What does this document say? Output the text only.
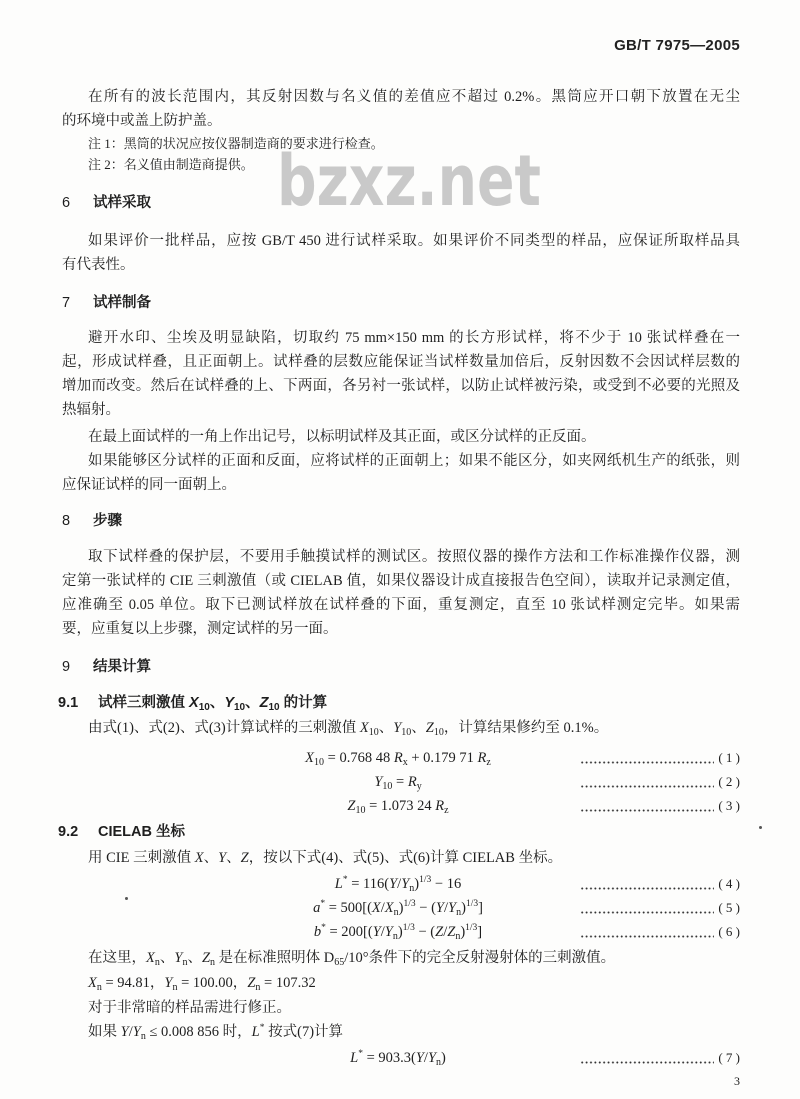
GB/T 7975—2005
在所有的波长范围内，其反射因数与名义值的差值应不超过 0.2%。黑筒应开口朝下放置在无尘
的环境中或盖上防护盖。
注 1：黑筒的状况应按仪器制造商的要求进行检查。
注 2：名义值由制造商提供。 bzxz.net
6 试样采取
如果评价一批样品，应按 GB/T 450 进行试样采取。如果评价不同类型的样品，应保证所取样品具
有代表性。
7 试样制备
避开水印、尘埃及明显缺陷，切取约 75 mm×150 mm 的长方形试样，将不少于 10 张试样叠在一
起，形成试样叠，且正面朝上。试样叠的层数应能保证当试样数量加倍后，反射因数不会因试样层数的
增加而改变。然后在试样叠的上、下两面，各另衬一张试样，以防止试样被污染，或受到不必要的光照及
热辐射。
在最上面试样的一角上作出记号，以标明试样及其正面，或区分试样的正反面。
如果能够区分试样的正面和反面，应将试样的正面朝上；如果不能区分，如夹网纸机生产的纸张，则
应保证试样的同一面朝上。
8 步骤
取下试样叠的保护层，不要用手触摸试样的测试区。按照仪器的操作方法和工作标准操作仪器，测
定第一张试样的 CIE 三刺激值（或 CIELAB 值，如果仪器设计成直接报告色空间），读取并记录测定值，
应准确至 0.05 单位。取下已测试样放在试样叠的下面，重复测定，直至 10 张试样测定完毕。如果需
要，应重复以上步骤，测定试样的另一面。
9 结果计算
9.1 试样三刺激值 $X_{10}$、$Y_{10}$、$Z_{10}$ 的计算
由式(1)、式(2)、式(3)计算试样的三刺激值 $X_{10}$、$Y_{10}$、$Z_{10}$，计算结果修约至 0.1%。
$X_{10} = 0.768$ 48 $R_x + 0.179$ 71 $R_z$	( 1 )
$Y_{10} = R_y$	( 2 )
$Z_{10} = 1.073$ 24 $R_z$	( 3 )
9.2 CIELAB 坐标
用 CIE 三刺激值 X、Y、Z，按以下式(4)、式(5)、式(6)计算 CIELAB 坐标。
$L^* = 116(Y/Y_n)^{1/3} - 16$	( 4 )
$a^* = 500[(X/X_n)^{1/3} - (Y/Y_n)^{1/3}]$	( 5 )
$b^* = 200[(Y/Y_n)^{1/3} - (Z/Z_n)^{1/3}]$	( 6 )
在这里，$X_n$、$Y_n$、$Z_n$ 是在标准照明体 $D_{65}/10^\circ$条件下的完全反射漫射体的三刺激值。
$X_n = 94.81$，$Y_n = 100.00$，$Z_n = 107.32$
对于非常暗的样品需进行修正。
如果 $Y/Y_n \le 0.008$ 856 时，L* 按式(7)计算
$L^* = 903.3(Y/Y_n)$	( 7 )
3
